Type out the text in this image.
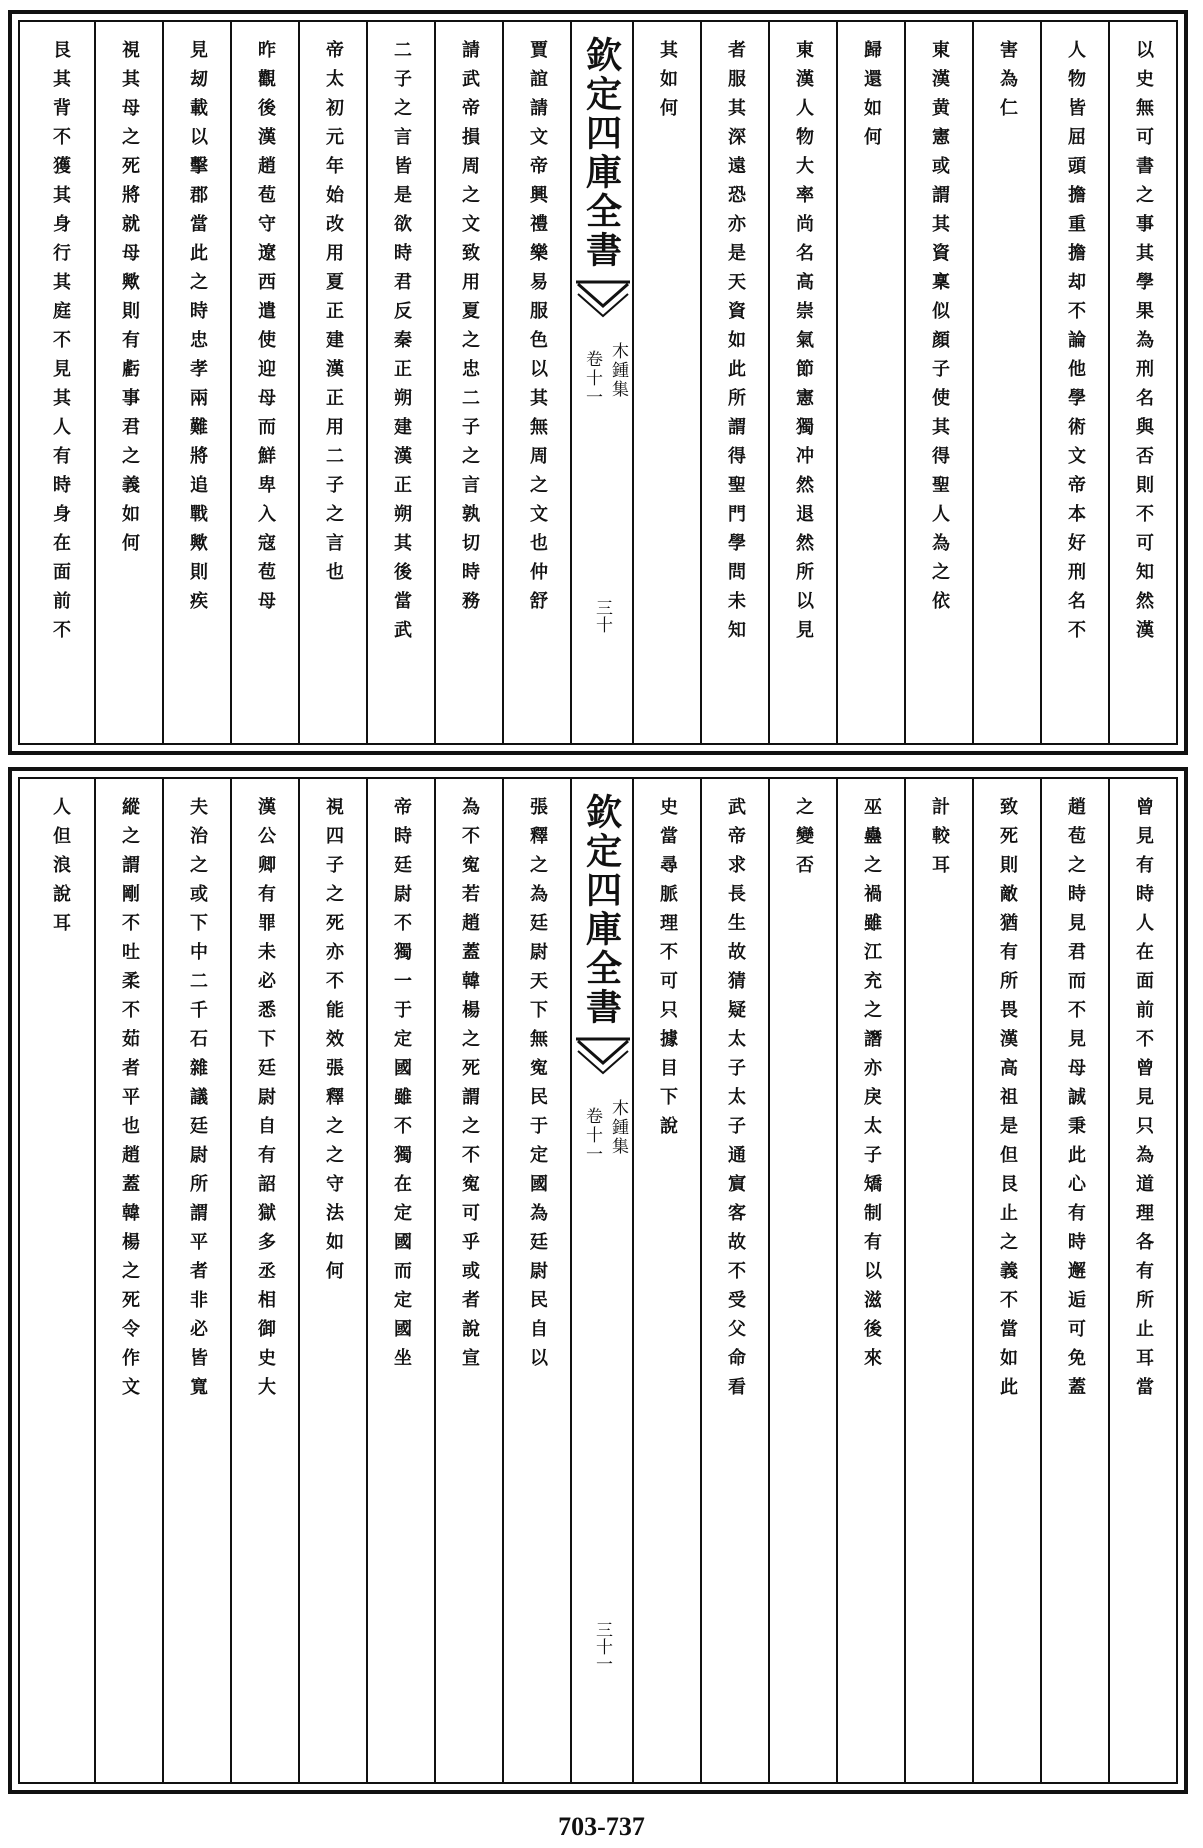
以史無可書之事其學果為刑名與否則不可知然漢
人物皆屈頭擔重擔却不論他學術文帝本好刑名不
害為仁
東漢黄憲或謂其資稟似顔子使其得聖人為之依
歸還如何
東漢人物大率尚名高崇氣節憲獨冲然退然所以見
者服其深遠恐亦是天資如此所謂得聖門學問未知
其如何
欽定四庫全書
木鍾集
卷十一
三十
賈誼請文帝興禮樂易服色以其無周之文也仲舒
請武帝損周之文致用夏之忠二子之言孰切時務
二子之言皆是欲時君反秦正朔建漢正朔其後當武
帝太初元年始改用夏正建漢正用二子之言也
昨觀後漢趙苞守遼西遣使迎母而鮮卑入寇苞母
見刼載以擊郡當此之時忠孝兩難將追戰歟則疾
視其母之死將就母歟則有虧事君之義如何
艮其背不獲其身行其庭不見其人有時身在面前不
曾見有時人在面前不曾見只為道理各有所止耳當
趙苞之時見君而不見母誠秉此心有時邂逅可免蓋
致死則敵猶有所畏漢高祖是但艮止之義不當如此
計較耳
巫蠱之禍雖江充之譖亦戾太子矯制有以滋後來
之變否
武帝求長生故猜疑太子太子通賔客故不受父命看
史當尋脈理不可只據目下說
欽定四庫全書
木鍾集
卷十一
三十一
張釋之為廷尉天下無寃民于定國為廷尉民自以
為不寃若趙蓋韓楊之死謂之不寃可乎或者說宣
帝時廷尉不獨一于定國雖不獨在定國而定國坐
視四子之死亦不能效張釋之之守法如何
漢公卿有罪未必悉下廷尉自有詔獄多丞相御史大
夫治之或下中二千石雜議廷尉所謂平者非必皆寬
縱之謂剛不吐柔不茹者平也趙蓋韓楊之死令作文
人但浪說耳
703-737
